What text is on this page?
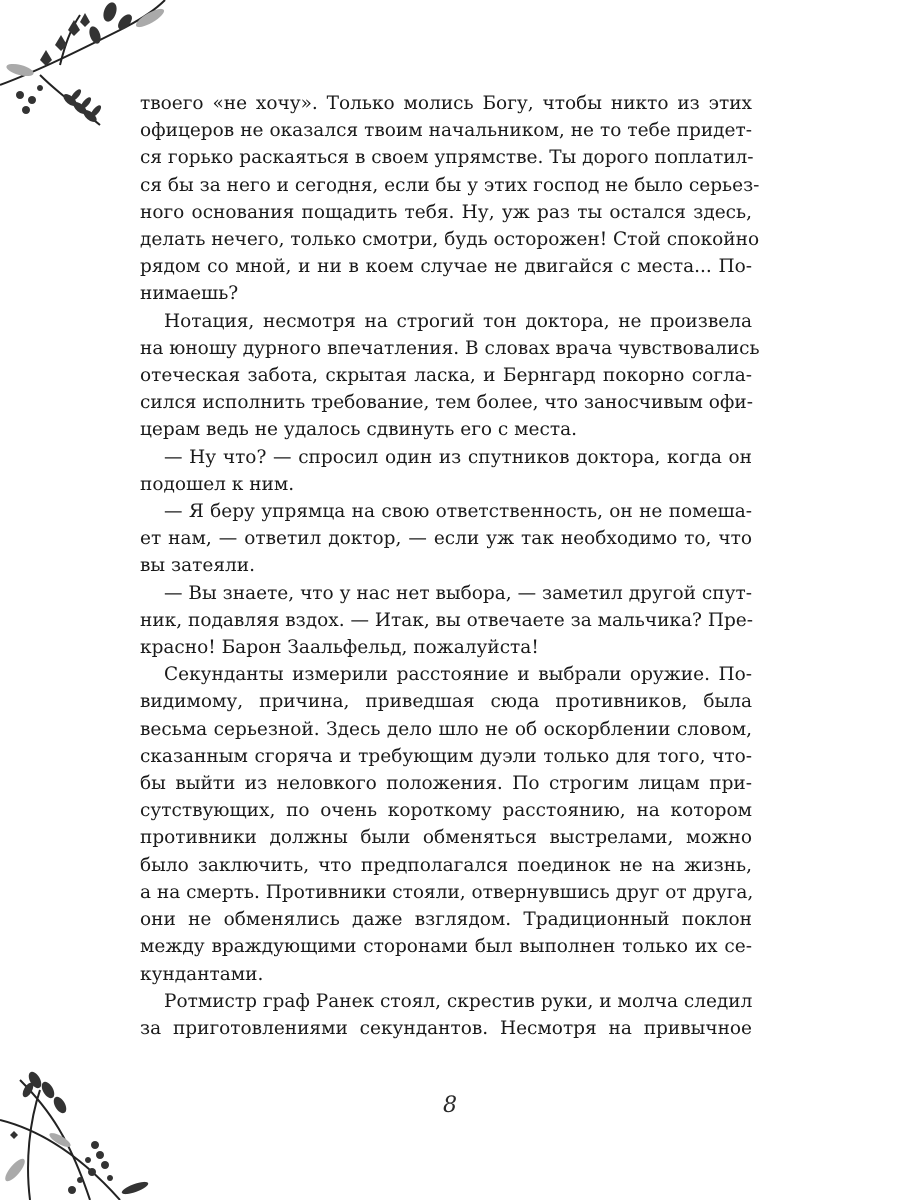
твоего «не хочу». Только молись Богу, чтобы никто из этих

офицеров не оказался твоим начальником, не то тебе придет-

ся горько раскаяться в своем упрямстве. Ты дорого поплатил-

ся бы за него и сегодня, если бы у этих господ не было серьез-

ного основания пощадить тебя. Ну, уж раз ты остался здесь,

делать нечего, только смотри, будь осторожен! Стой спокойно

рядом со мной, и ни в коем случае не двигайся с места... По-

нимаешь?

Нотация, несмотря на строгий тон доктора, не произвела

на юношу дурного впечатления. В словах врача чувствовались

отеческая забота, скрытая ласка, и Бернгард покорно согла-

сился исполнить требование, тем более, что заносчивым офи-

церам ведь не удалось сдвинуть его с места.

— Ну что? — спросил один из спутников доктора, когда он

подошел к ним.

— Я беру упрямца на свою ответственность, он не помеша-

ет нам, — ответил доктор, — если уж так необходимо то, что

вы затеяли.

— Вы знаете, что у нас нет выбора, — заметил другой спут-

ник, подавляя вздох. — Итак, вы отвечаете за мальчика? Пре-

красно! Барон Заальфельд, пожалуйста!

Секунданты измерили расстояние и выбрали оружие. По-

видимому, причина, приведшая сюда противников, была

весьма серьезной. Здесь дело шло не об оскорблении словом,

сказанным сгоряча и требующим дуэли только для того, что-

бы выйти из неловкого положения. По строгим лицам при-

сутствующих, по очень короткому расстоянию, на котором

противники должны были обменяться выстрелами, можно

было заключить, что предполагался поединок не на жизнь,

а на смерть. Противники стояли, отвернувшись друг от друга,

они не обменялись даже взглядом. Традиционный поклон

между враждующими сторонами был выполнен только их се-

кундантами.

Ротмистр граф Ранек стоял, скрестив руки, и молча следил

за приготовлениями секундантов. Несмотря на привычное

8
